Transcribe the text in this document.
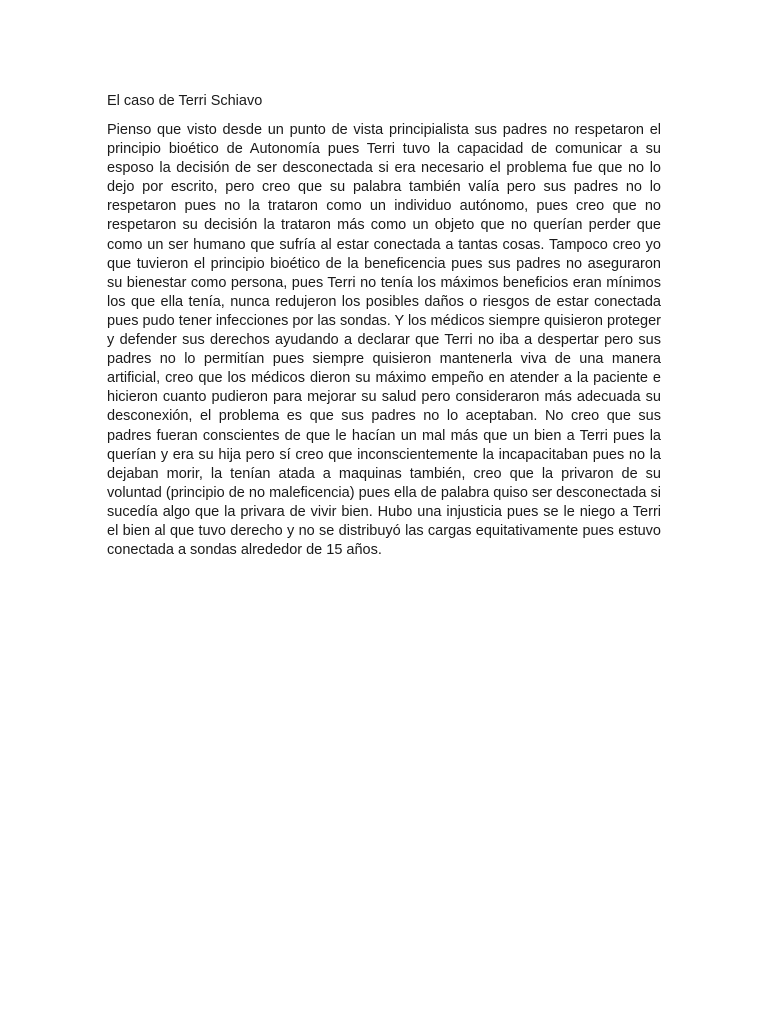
El caso de Terri Schiavo

Pienso que visto desde un punto de vista principialista sus padres no respetaron el principio bioético de Autonomía pues Terri tuvo la capacidad de comunicar a su esposo la decisión de ser desconectada si era necesario el problema fue que no lo dejo por escrito, pero creo que su palabra también valía pero sus padres no lo respetaron pues no la trataron como un individuo autónomo, pues creo que no respetaron su decisión la trataron más como un objeto que no querían perder que como un ser humano que sufría al estar conectada a tantas cosas. Tampoco creo yo que tuvieron el principio bioético de la beneficencia pues sus padres no aseguraron su bienestar como persona, pues Terri no tenía los máximos beneficios eran mínimos los que ella tenía, nunca redujeron los posibles daños o riesgos de estar conectada pues pudo tener infecciones por las sondas. Y los médicos siempre quisieron proteger y defender sus derechos ayudando a declarar que Terri no iba a despertar pero sus padres no lo permitían pues siempre quisieron mantenerla viva de una manera artificial, creo que los médicos dieron su máximo empeño en atender a la paciente e hicieron cuanto pudieron para mejorar su salud pero consideraron más adecuada su desconexión, el problema es que sus padres no lo aceptaban. No creo que sus padres fueran conscientes de que le hacían un mal más que un bien a Terri pues la querían y era su hija pero sí creo que inconscientemente la incapacitaban pues no la dejaban morir, la tenían atada a maquinas también, creo que la privaron de su voluntad (principio de no maleficencia) pues ella de palabra quiso ser desconectada si sucedía algo que la privara de vivir bien. Hubo una injusticia pues se le niego a Terri el bien al que tuvo derecho y no se distribuyó las cargas equitativamente pues estuvo conectada a sondas alrededor de 15 años.
